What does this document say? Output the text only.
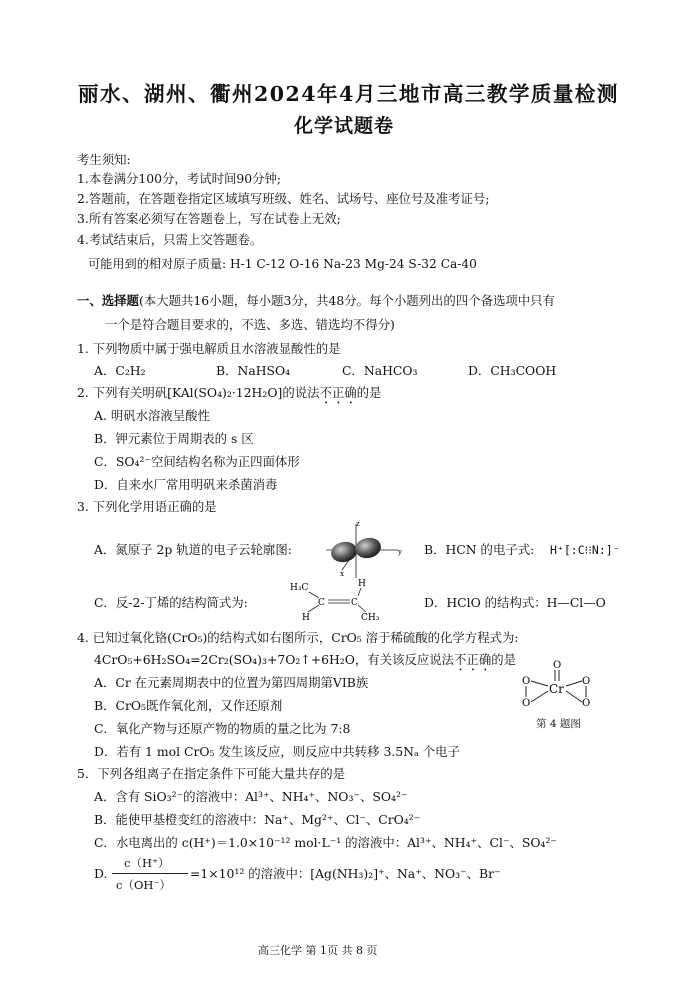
丽水、湖州、衢州2024年4月三地市高三教学质量检测
化学试题卷
考生须知:
1.本卷满分100分，考试时间90分钟;
2.答题前，在答题卷指定区域填写班级、姓名、试场号、座位号及准考证号;
3.所有答案必须写在答题卷上，写在试卷上无效;
4.考试结束后，只需上交答题卷。
可能用到的相对原子质量: H-1 C-12 O-16 Na-23 Mg-24 S-32 Ca-40
一、选择题(本大题共16小题，每小题3分，共48分。每个小题列出的四个备选项中只有
一个是符合题目要求的，不选、多选、错选均不得分)
1. 下列物质中属于强电解质且水溶液显酸性的是
A．C₂H₂	B．NaHSO₄	C．NaHCO₃	D．CH₃COOH
2. 下列有关明矾[KAl(SO₄)₂·12H₂O]的说法不正确的是
A. 明矾水溶液呈酸性
B．钾元素位于周期表的 s 区
C．SO₄²⁻空间结构名称为正四面体形
D．自来水厂常用明矾来杀菌消毒
3. 下列化学用语正确的是
A．氮原子 2p 轨道的电子云轮廓图:
z
y
x
B．HCN 的电子式: H⁺[:C⁝⁝N:]⁻
C．反-2-丁烯的结构简式为:
H₃C	H
C	C
H	CH₃
D．HClO 的结构式：H—Cl—O
4. 已知过氧化铬(CrO₅)的结构式如右图所示，CrO₅ 溶于稀硫酸的化学方程式为:
4CrO₅+6H₂SO₄=2Cr₂(SO₄)₃+7O₂↑+6H₂O，有关该反应说法不正确的是
A．Cr 在元素周期表中的位置为第四周期第VIB族
B．CrO₅既作氧化剂，又作还原剂
C．氧化产物与还原产物的物质的量之比为 7:8
D．若有 1 mol CrO₅ 发生该反应，则反应中共转移 3.5Nₐ 个电子
O
Cr
O
O
O
O
第 4 题图
5．下列各组离子在指定条件下可能大量共存的是
A．含有 SiO₃²⁻的溶液中：Al³⁺、NH₄⁺、NO₃⁻、SO₄²⁻
B．能使甲基橙变红的溶液中：Na⁺、Mg²⁺、Cl⁻、CrO₄²⁻
C．水电离出的 c(H⁺)＝1.0×10⁻¹² mol·L⁻¹ 的溶液中：Al³⁺、NH₄⁺、Cl⁻、SO₄²⁻
D.
c（H⁺）
c（OH⁻）
=1×10¹² 的溶液中：[Ag(NH₃)₂]⁺、Na⁺、NO₃⁻、Br⁻
高三化学 第 1页 共 8 页
